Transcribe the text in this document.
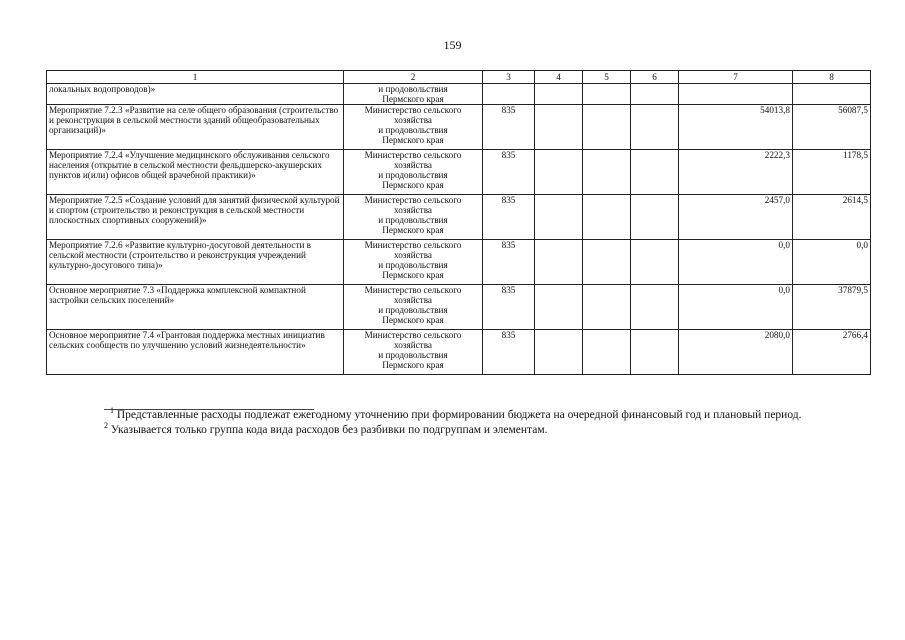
159
1	2	3	4	5	6	7	8
локальных водопроводов)»	и продовольствия
Пермского края						
Мероприятие 7.2.3 «Развитие на селе общего образования (строительство и реконструкция в сельской местности зданий общеобразовательных организаций)»	Министерство сельского
хозяйства
и продовольствия
Пермского края	835				54013,8	56087,5
Мероприятие 7.2.4 «Улучшение медицинского обслуживания сельского населения (открытие в сельской местности фельдшерско-акушерских пунктов и(или) офисов общей врачебной практики)»	Министерство сельского
хозяйства
и продовольствия
Пермского края	835				2222,3	1178,5
Мероприятие 7.2.5 «Создание условий для занятий физической культурой и спортом (строительство и реконструкция в сельской местности плоскостных спортивных сооружений)»	Министерство сельского
хозяйства
и продовольствия
Пермского края	835				2457,0	2614,5
Мероприятие 7.2.6 «Развитие культурно-досуговой деятельности в сельской местности (строительство и реконструкция учреждений культурно-досугового типа)»	Министерство сельского
хозяйства
и продовольствия
Пермского края	835				0,0	0,0
Основное мероприятие 7.3 «Поддержка комплексной компактной застройки сельских поселений»	Министерство сельского
хозяйства
и продовольствия
Пермского края	835				0,0	37879,5
Основное мероприятие 7.4 «Грантовая поддержка местных инициатив сельских сообществ по улучшению условий жизнедеятельности»	Министерство сельского
хозяйства
и продовольствия
Пермского края	835				2080,0	2766,4
$^1$ Представленные расходы подлежат ежегодному уточнению при формировании бюджета на очередной финансовый год и плановый период.
$^2$ Указывается только группа кода вида расходов без разбивки по подгруппам и элементам.
